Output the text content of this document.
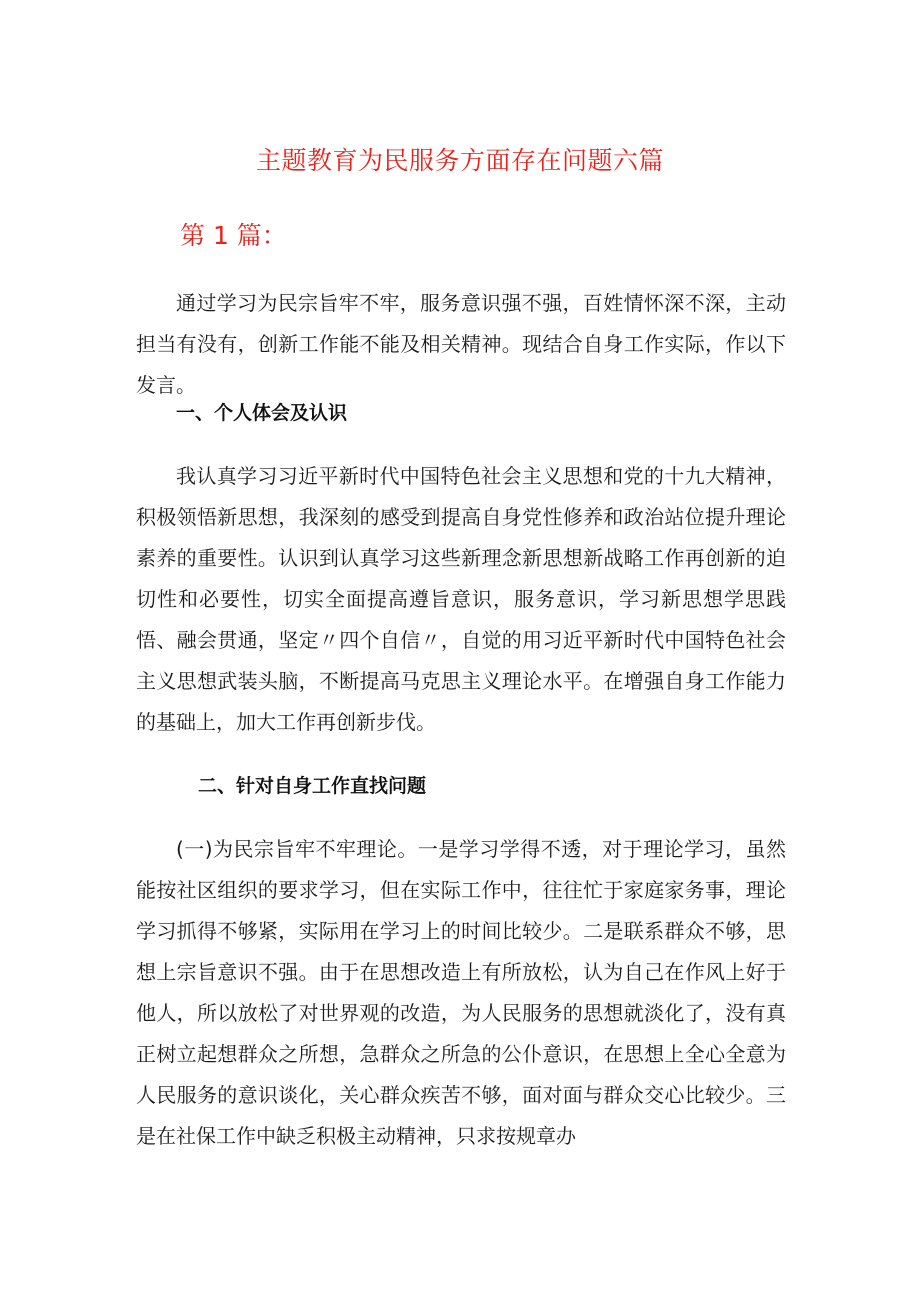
主题教育为民服务方面存在问题六篇
第 1 篇：

通过学习为民宗旨牢不牢，服务意识强不强，百姓情怀深不深，主动担当有没有，创新工作能不能及相关精神。现结合自身工作实际，作以下发言。

一、个人体会及认识

我认真学习习近平新时代中国特色社会主义思想和党的十九大精神，积极领悟新思想，我深刻的感受到提高自身党性修养和政治站位提升理论素养的重要性。认识到认真学习这些新理念新思想新战略工作再创新的迫切性和必要性，切实全面提高遵旨意识，服务意识，学习新思想学思践悟、融会贯通，坚定〃四个自信〃，自觉的用习近平新时代中国特色社会主义思想武装头脑，不断提高马克思主义理论水平。在增强自身工作能力的基础上，加大工作再创新步伐。

二、针对自身工作直找问题

(一)为民宗旨牢不牢理论。一是学习学得不透，对于理论学习，虽然能按社区组织的要求学习，但在实际工作中，往往忙于家庭家务事，理论学习抓得不够紧，实际用在学习上的时间比较少。二是联系群众不够，思想上宗旨意识不强。由于在思想改造上有所放松，认为自己在作风上好于他人，所以放松了对世界观的改造，为人民服务的思想就淡化了，没有真正树立起想群众之所想，急群众之所急的公仆意识，在思想上全心全意为人民服务的意识谈化，关心群众疾苦不够，面对面与群众交心比较少。三是在社保工作中缺乏积极主动精神，只求按规章办
